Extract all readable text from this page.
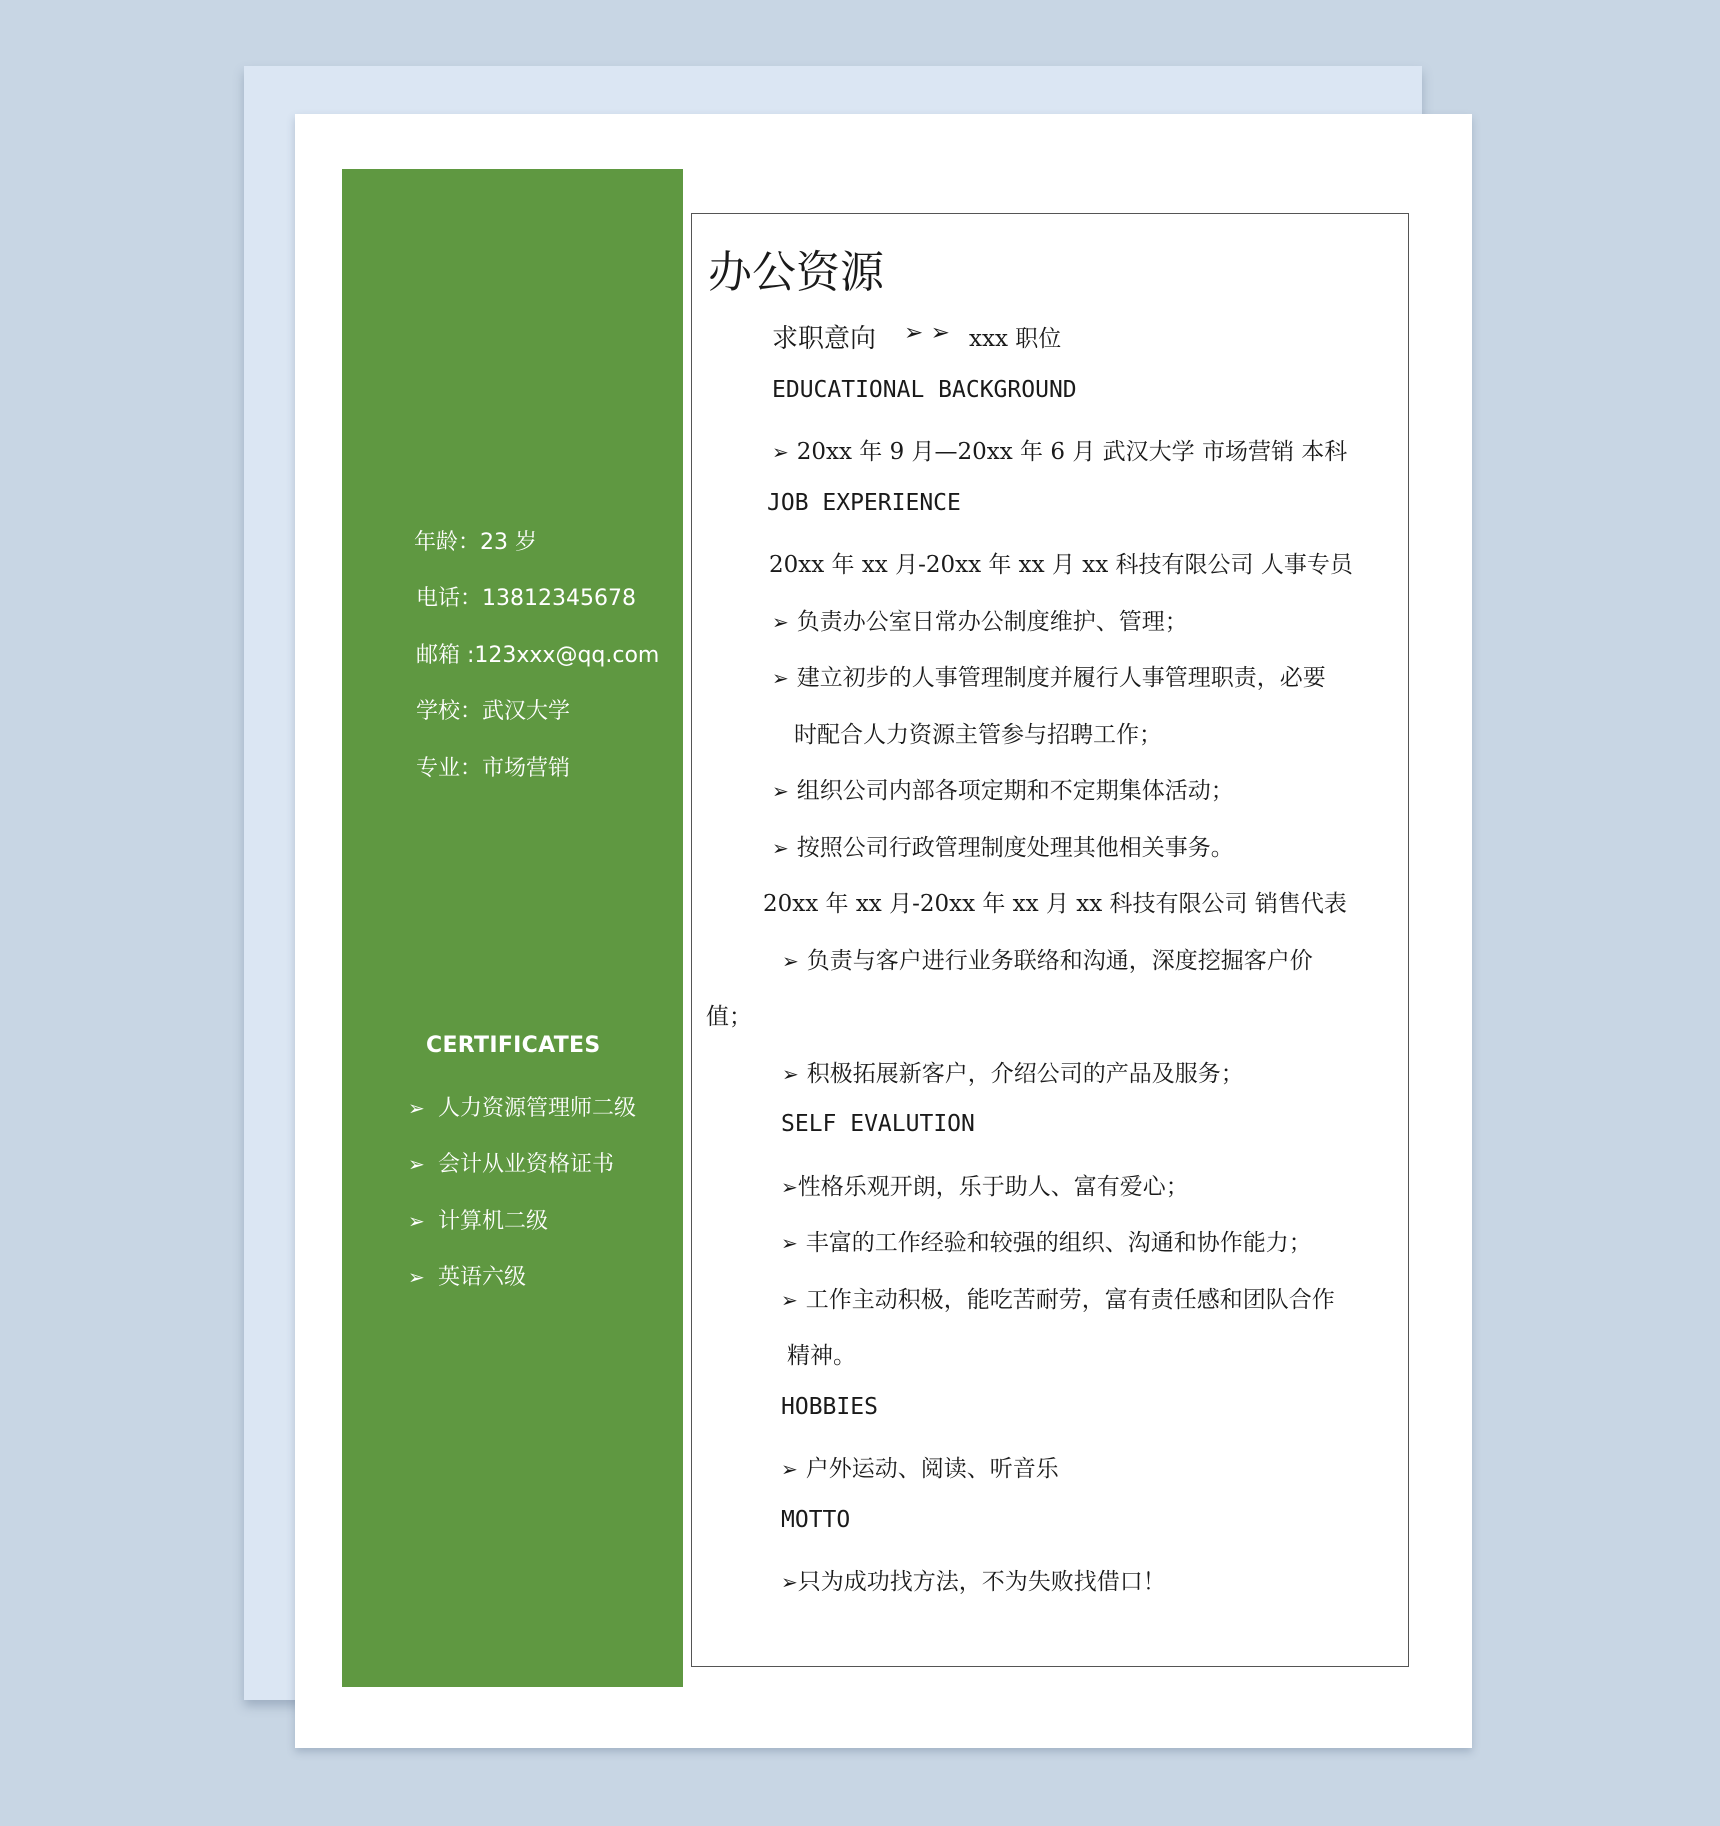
年龄：23 岁
电话：13812345678
邮箱 :123xxx@qq.com
学校：武汉大学
专业：市场营销
CERTIFICATES
➢ 人力资源管理师二级
➢ 会计从业资格证书
➢ 计算机二级
➢ 英语六级
办公资源
求职意向 ➢ ➢ xxx 职位
EDUCATIONAL BACKGROUND
➢ 20xx 年 9 月—20xx 年 6 月 武汉大学 市场营销 本科
JOB EXPERIENCE
20xx 年 xx 月-20xx 年 xx 月 xx 科技有限公司 人事专员
➢ 负责办公室日常办公制度维护、管理；
➢ 建立初步的人事管理制度并履行人事管理职责，必要
时配合人力资源主管参与招聘工作；
➢ 组织公司内部各项定期和不定期集体活动；
➢ 按照公司行政管理制度处理其他相关事务。
20xx 年 xx 月-20xx 年 xx 月 xx 科技有限公司 销售代表
➢ 负责与客户进行业务联络和沟通，深度挖掘客户价
值；
➢ 积极拓展新客户，介绍公司的产品及服务；
SELF EVALUTION
➢性格乐观开朗，乐于助人、富有爱心；
➢ 丰富的工作经验和较强的组织、沟通和协作能力；
➢ 工作主动积极，能吃苦耐劳，富有责任感和团队合作
精神。
HOBBIES
➢ 户外运动、阅读、听音乐
MOTTO
➢只为成功找方法，不为失败找借口！
